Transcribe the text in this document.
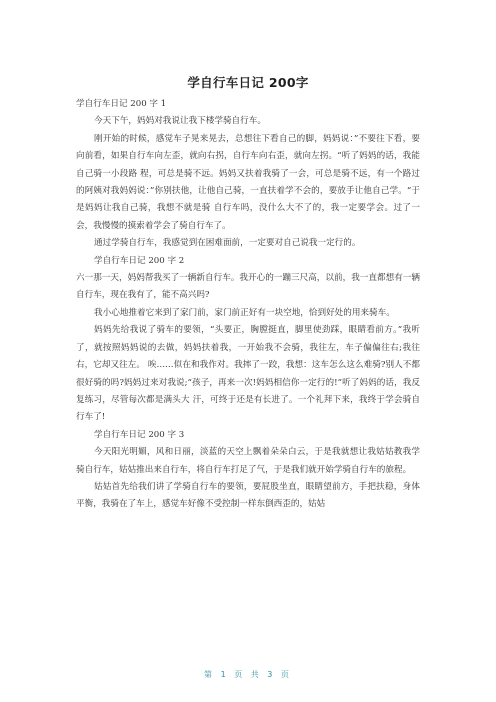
学自行车日记 200字

学自行车日记 200 字 1

今天下午，妈妈对我说让我下楼学骑自行车。

刚开始的时候，感觉车子晃来晃去，总想往下看自己的脚，妈妈说：”不要往下看，要向前看，如果自行车向左歪，就向右拐，自行车向右歪，就向左拐。“听了妈妈的话，我能自己骑一小段路 程，可总是骑不远。妈妈又扶着我骑了一会，可总是骑不远，有一个路过的阿姨对我妈妈说：”你别扶他，让他自己骑，一直扶着学不会的，要放手让他自己学。“于是妈妈让我自己骑，我想不就是骑 自行车吗，没什么大不了的，我一定要学会。过了一会，我慢慢的摸索着学会了骑自行车了。

通过学骑自行车，我感觉到在困难面前，一定要对自己说我一定行的。

学自行车日记 200 字 2

六一那一天，妈妈帮我买了一辆新自行车。我开心的一蹦三尺高，以前，我一直都想有一辆自行车，现在我有了，能不高兴吗?

我小心地推着它来到了家门前，家门前正好有一块空地，恰到好处的用来骑车。

妈妈先给我说了骑车的要领，“头要正，胸膛挺直，脚里使劲踩，眼睛看前方。”我听了，就按照妈妈说的去做，妈妈扶着我，一开始我不会骑，我往左，车子偏偏往右;我往右，它却又往左。 唉……似在和我作对。我摔了一跤，我想：这车怎么这么难骑?别人不都很好骑的吗?妈妈过来对我说;“孩子，再来一次!妈妈相信你一定行的!”听了妈妈的话，我反复练习，尽管每次都是满头大 汗，可终于还是有长进了。一个礼拜下来，我终于学会骑自行车了!

学自行车日记 200 字 3

今天阳光明媚，风和日丽，淡蓝的天空上飘着朵朵白云，于是我就想让我姑姑教我学骑自行车，姑姑推出来自行车，将自行车打足了气，于是我们就开始学骑自行车的旅程。

姑姑首先给我们讲了学骑自行车的要领，要屁股坐直，眼睛望前方，手把扶稳，身体平衡，我骑在了车上，感觉车好像不受控制一样东倒西歪的，姑姑

第 1 页 共 3 页
